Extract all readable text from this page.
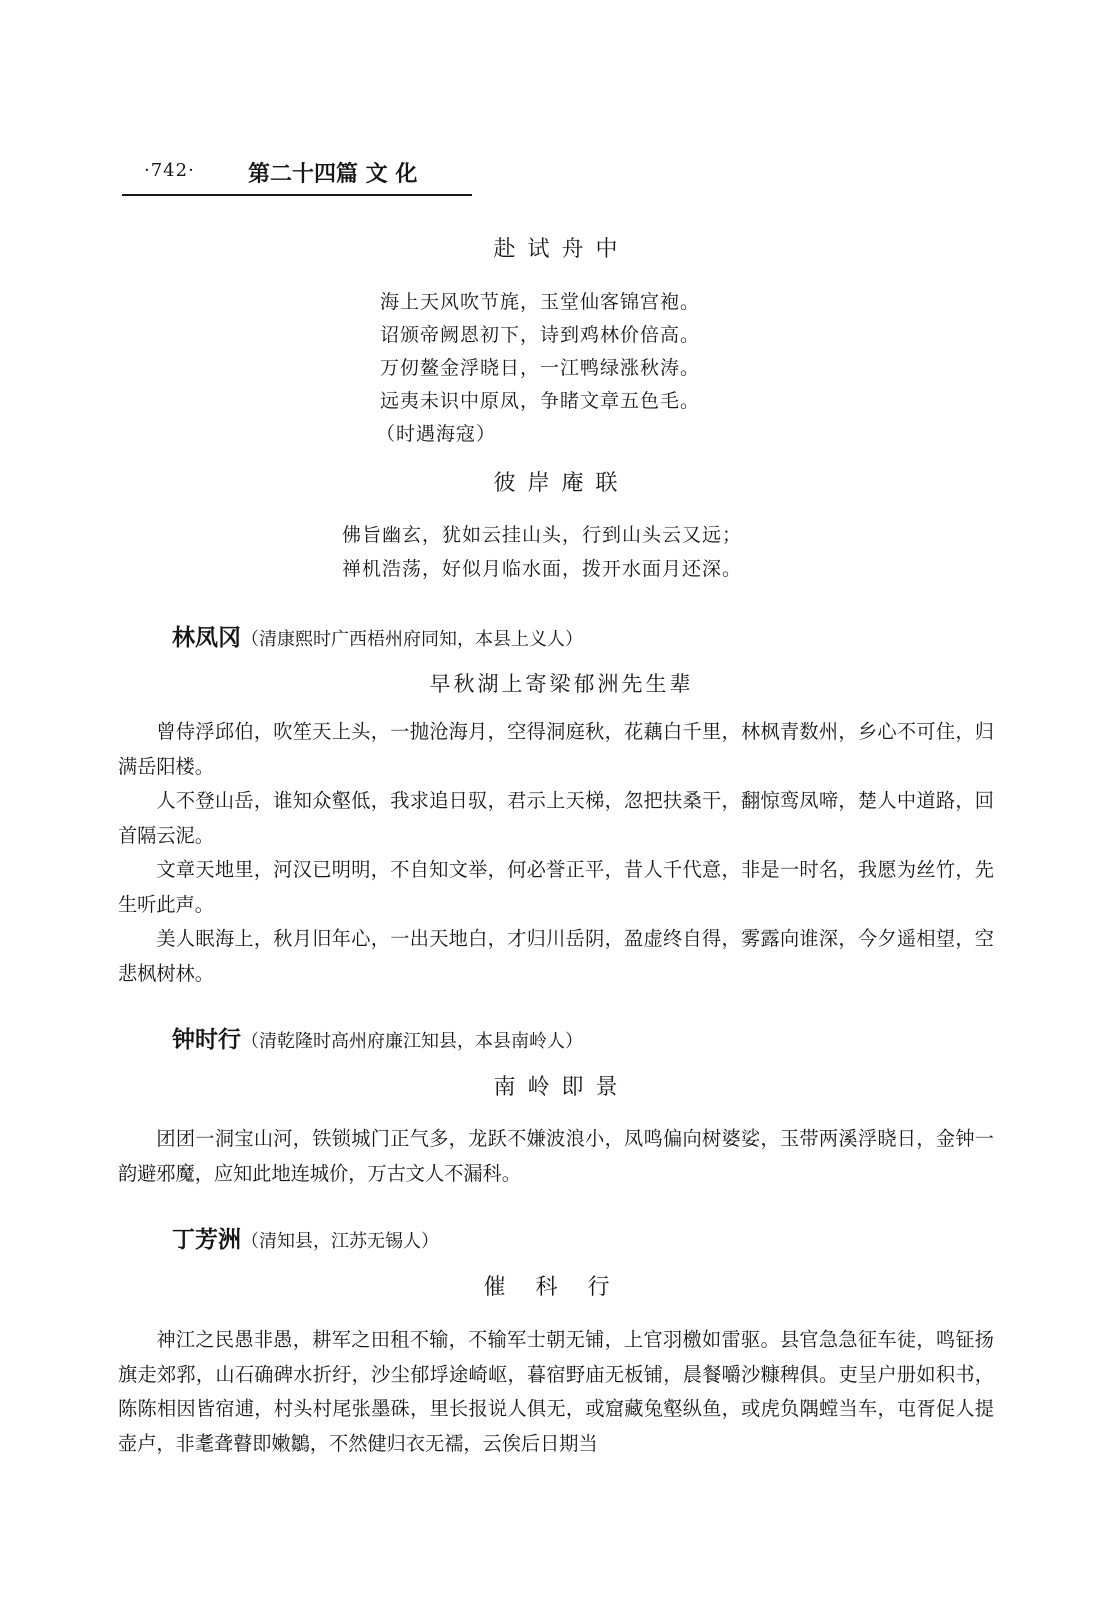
·742· 第二十四篇 文 化
赴试舟中
海上天风吹节旄，玉堂仙客锦宫袍。
诏颁帝阙恩初下，诗到鸡林价倍高。
万仞鳌金浮晓日，一江鸭绿涨秋涛。
远夷未识中原凤，争睹文章五色毛。
（时遇海寇）
彼岸庵联
佛旨幽玄，犹如云挂山头，行到山头云又远；
禅机浩荡，好似月临水面，拨开水面月还深。
林凤冈（清康熙时广西梧州府同知，本县上义人）
早秋湖上寄梁郁洲先生辈

曾侍浮邱伯，吹笙天上头，一抛沧海月，空得洞庭秋，花藕白千里，林枫青数州，乡心不可住，归满岳阳楼。

人不登山岳，谁知众壑低，我求追日驭，君示上天梯，忽把扶桑干，翻惊鸾凤啼，楚人中道路，回首隔云泥。

文章天地里，河汉已明明，不自知文举，何必誉正平，昔人千代意，非是一时名，我愿为丝竹，先生听此声。

美人眠海上，秋月旧年心，一出天地白，才归川岳阴，盈虚终自得，雾露向谁深，今夕遥相望，空悲枫树林。

钟时行（清乾隆时高州府廉江知县，本县南岭人）
南岭即景

团团一洞宝山河，铁锁城门正气多，龙跃不嫌波浪小，凤鸣偏向树婆娑，玉带两溪浮晓日，金钟一韵避邪魔，应知此地连城价，万古文人不漏科。

丁芳洲（清知县，江苏无锡人）
催科行

神江之民愚非愚，耕军之田租不输，不输军士朝无铺，上官羽檄如雷驱。县官急急征车徒，鸣钲扬旗走郊郛，山石确碑水折纡，沙尘郁垺途崎岖，暮宿野庙无板铺，晨餐嚼沙糠稗俱。吏呈户册如积书，陈陈相因皆宿逋，村头村尾张墨硃，里长报说人俱无，或窟藏兔壑纵鱼，或虎负隅螳当车，屯胥促人提壶卢，非耄聋瞽即嫩鶵，不然健归衣无襦，云俟后日期当
